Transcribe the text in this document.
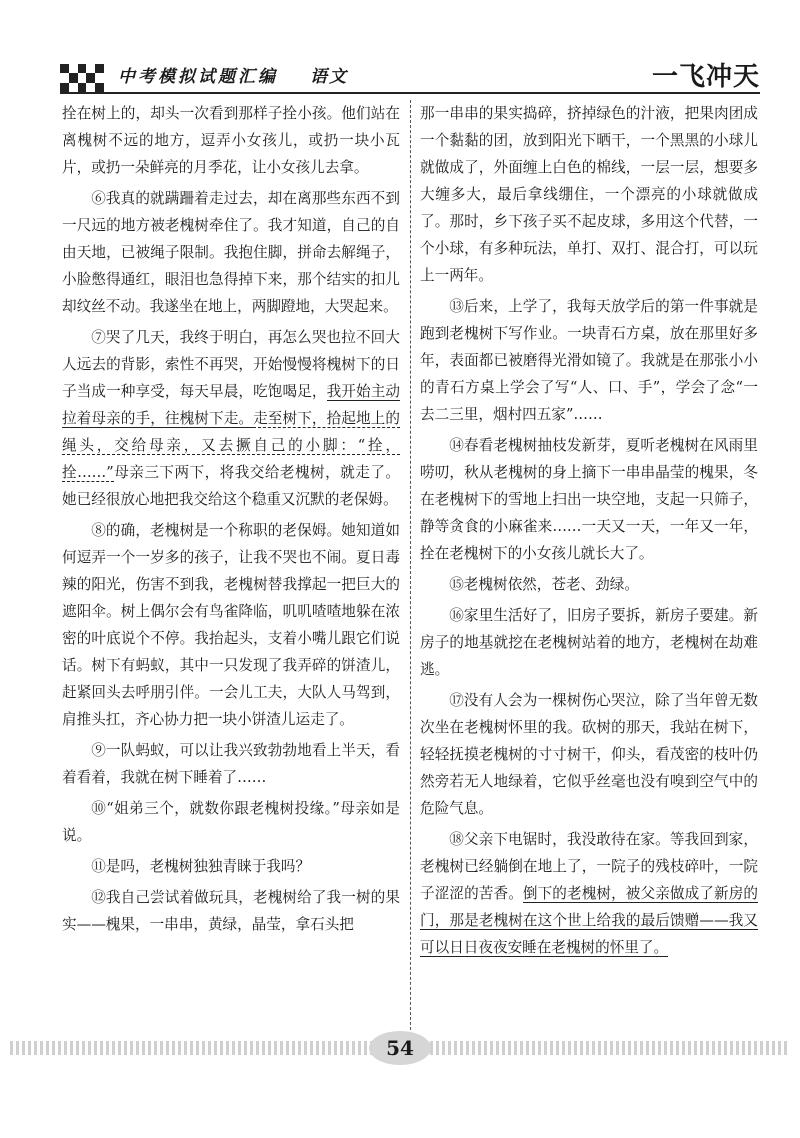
中考模拟试题汇编 语文	一飞冲天

拴在树上的，却头一次看到那样子拴小孩。他们站在离槐树不远的地方，逗弄小女孩儿，或扔一块小瓦片，或扔一朵鲜亮的月季花，让小女孩儿去拿。

⑥我真的就蹒跚着走过去，却在离那些东西不到一尺远的地方被老槐树牵住了。我才知道，自己的自由天地，已被绳子限制。我抱住脚，拼命去解绳子，小脸憋得通红，眼泪也急得掉下来，那个结实的扣儿却纹丝不动。我遂坐在地上，两脚蹬地，大哭起来。

⑦哭了几天，我终于明白，再怎么哭也拉不回大人远去的背影，索性不再哭，开始慢慢将槐树下的日子当成一种享受，每天早晨，吃饱喝足，我开始主动拉着母亲的手，往槐树下走。走至树下，拾起地上的绳头，交给母亲，又去撅自己的小脚：“拴，拴……”母亲三下两下，将我交给老槐树，就走了。她已经很放心地把我交给这个稳重又沉默的老保姆。

⑧的确，老槐树是一个称职的老保姆。她知道如何逗弄一个一岁多的孩子，让我不哭也不闹。夏日毒辣的阳光，伤害不到我，老槐树替我撑起一把巨大的遮阳伞。树上偶尔会有鸟雀降临，叽叽喳喳地躲在浓密的叶底说个不停。我抬起头，支着小嘴儿跟它们说话。树下有蚂蚁，其中一只发现了我弄碎的饼渣儿，赶紧回头去呼朋引伴。一会儿工夫，大队人马驾到，肩推头扛，齐心协力把一块小饼渣儿运走了。

⑨一队蚂蚁，可以让我兴致勃勃地看上半天，看着看着，我就在树下睡着了……

⑩“姐弟三个，就数你跟老槐树投缘。”母亲如是说。

⑪是吗，老槐树独独青睐于我吗？

⑫我自己尝试着做玩具，老槐树给了我一树的果实——槐果，一串串，黄绿，晶莹，拿石头把

那一串串的果实捣碎，挤掉绿色的汁液，把果肉团成一个黏黏的团，放到阳光下晒干，一个黑黑的小球儿就做成了，外面缠上白色的棉线，一层一层，想要多大缠多大，最后拿线绷住，一个漂亮的小球就做成了。那时，乡下孩子买不起皮球，多用这个代替，一个小球，有多种玩法，单打、双打、混合打，可以玩上一两年。

⑬后来，上学了，我每天放学后的第一件事就是跑到老槐树下写作业。一块青石方桌，放在那里好多年，表面都已被磨得光滑如镜了。我就是在那张小小的青石方桌上学会了写“人、口、手”，学会了念“一去二三里，烟村四五家”……

⑭春看老槐树抽枝发新芽，夏听老槐树在风雨里唠叨，秋从老槐树的身上摘下一串串晶莹的槐果，冬在老槐树下的雪地上扫出一块空地，支起一只筛子，静等贪食的小麻雀来……一天又一天，一年又一年，拴在老槐树下的小女孩儿就长大了。

⑮老槐树依然，苍老、劲绿。

⑯家里生活好了，旧房子要拆，新房子要建。新房子的地基就挖在老槐树站着的地方，老槐树在劫难逃。

⑰没有人会为一棵树伤心哭泣，除了当年曾无数次坐在老槐树怀里的我。砍树的那天，我站在树下，轻轻抚摸老槐树的寸寸树干，仰头，看茂密的枝叶仍然旁若无人地绿着，它似乎丝毫也没有嗅到空气中的危险气息。

⑱父亲下电锯时，我没敢待在家。等我回到家，老槐树已经躺倒在地上了，一院子的残枝碎叶，一院子涩涩的苦香。倒下的老槐树，被父亲做成了新房的门，那是老槐树在这个世上给我的最后馈赠——我又可以日日夜夜安睡在老槐树的怀里了。

54
